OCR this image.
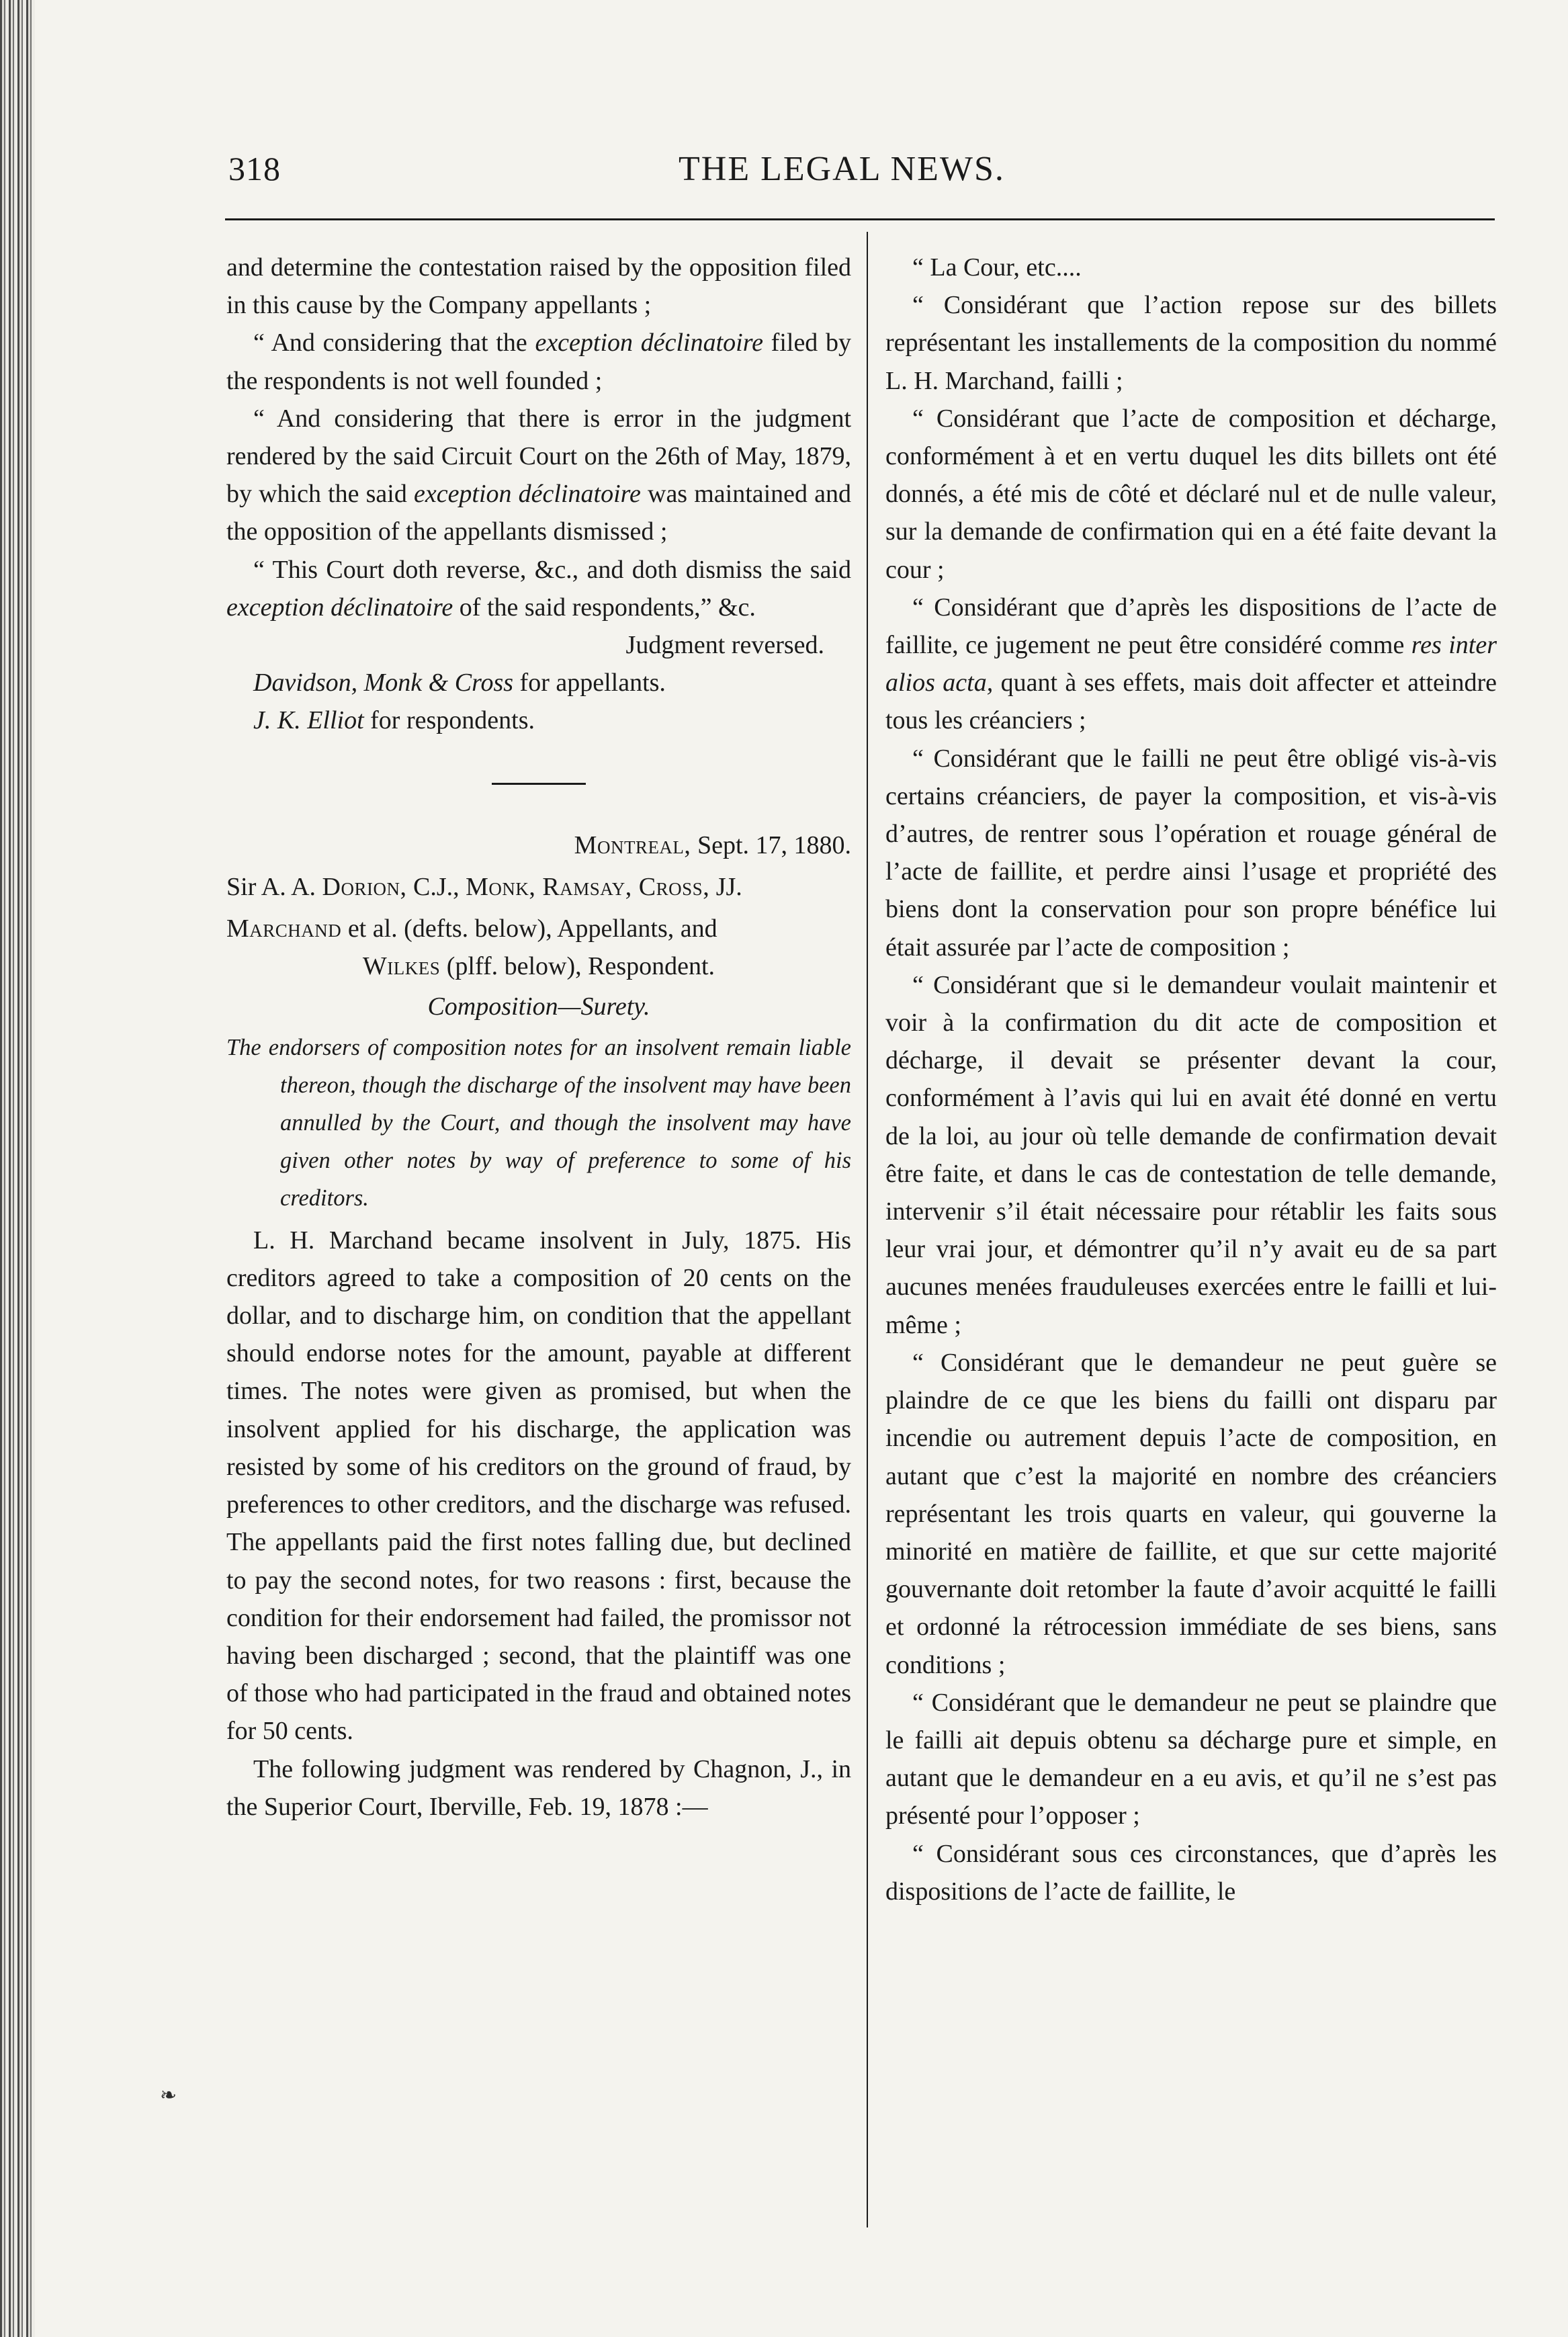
318	THE LEGAL NEWS.

and determine the contestation raised by the opposition filed in this cause by the Company appellants ;

“ And considering that the exception déclinatoire filed by the respondents is not well founded ;

“ And considering that there is error in the judgment rendered by the said Circuit Court on the 26th of May, 1879, by which the said exception déclinatoire was maintained and the opposition of the appellants dismissed ;

“ This Court doth reverse, &c., and doth dismiss the said exception déclinatoire of the said respondents,” &c.

Judgment reversed.

Davidson, Monk & Cross for appellants.

J. K. Elliot for respondents.

Montreal, Sept. 17, 1880.

Sir A. A. Dorion, C.J., Monk, Ramsay, Cross, JJ.

Marchand et al. (defts. below), Appellants, and

Wilkes (plff. below), Respondent.

Composition—Surety.

The endorsers of composition notes for an insolvent remain liable thereon, though the discharge of the insolvent may have been annulled by the Court, and though the insolvent may have given other notes by way of preference to some of his creditors.

L. H. Marchand became insolvent in July, 1875. His creditors agreed to take a composition of 20 cents on the dollar, and to discharge him, on condition that the appellant should endorse notes for the amount, payable at different times. The notes were given as promised, but when the insolvent applied for his discharge, the application was resisted by some of his creditors on the ground of fraud, by preferences to other creditors, and the discharge was refused. The appellants paid the first notes falling due, but declined to pay the second notes, for two reasons : first, because the condition for their endorsement had failed, the promissor not having been discharged ; second, that the plaintiff was one of those who had participated in the fraud and obtained notes for 50 cents.

The following judgment was rendered by Chagnon, J., in the Superior Court, Iberville, Feb. 19, 1878 :—

“ La Cour, etc....

“ Considérant que l’action repose sur des billets représentant les installements de la composition du nommé L. H. Marchand, failli ;

“ Considérant que l’acte de composition et décharge, conformément à et en vertu duquel les dits billets ont été donnés, a été mis de côté et déclaré nul et de nulle valeur, sur la demande de confirmation qui en a été faite devant la cour ;

“ Considérant que d’après les dispositions de l’acte de faillite, ce jugement ne peut être considéré comme res inter alios acta, quant à ses effets, mais doit affecter et atteindre tous les créanciers ;

“ Considérant que le failli ne peut être obligé vis-à-vis certains créanciers, de payer la composition, et vis-à-vis d’autres, de rentrer sous l’opération et rouage général de l’acte de faillite, et perdre ainsi l’usage et propriété des biens dont la conservation pour son propre bénéfice lui était assurée par l’acte de composition ;

“ Considérant que si le demandeur voulait maintenir et voir à la confirmation du dit acte de composition et décharge, il devait se présenter devant la cour, conformément à l’avis qui lui en avait été donné en vertu de la loi, au jour où telle demande de confirmation devait être faite, et dans le cas de contestation de telle demande, intervenir s’il était nécessaire pour rétablir les faits sous leur vrai jour, et démontrer qu’il n’y avait eu de sa part aucunes menées frauduleuses exercées entre le failli et lui-même ;

“ Considérant que le demandeur ne peut guère se plaindre de ce que les biens du failli ont disparu par incendie ou autrement depuis l’acte de composition, en autant que c’est la majorité en nombre des créanciers représentant les trois quarts en valeur, qui gouverne la minorité en matière de faillite, et que sur cette majorité gouvernante doit retomber la faute d’avoir acquitté le failli et ordonné la rétrocession immédiate de ses biens, sans conditions ;

“ Considérant que le demandeur ne peut se plaindre que le failli ait depuis obtenu sa décharge pure et simple, en autant que le demandeur en a eu avis, et qu’il ne s’est pas présenté pour l’opposer ;

“ Considérant sous ces circonstances, que d’après les dispositions de l’acte de faillite, le

❧
